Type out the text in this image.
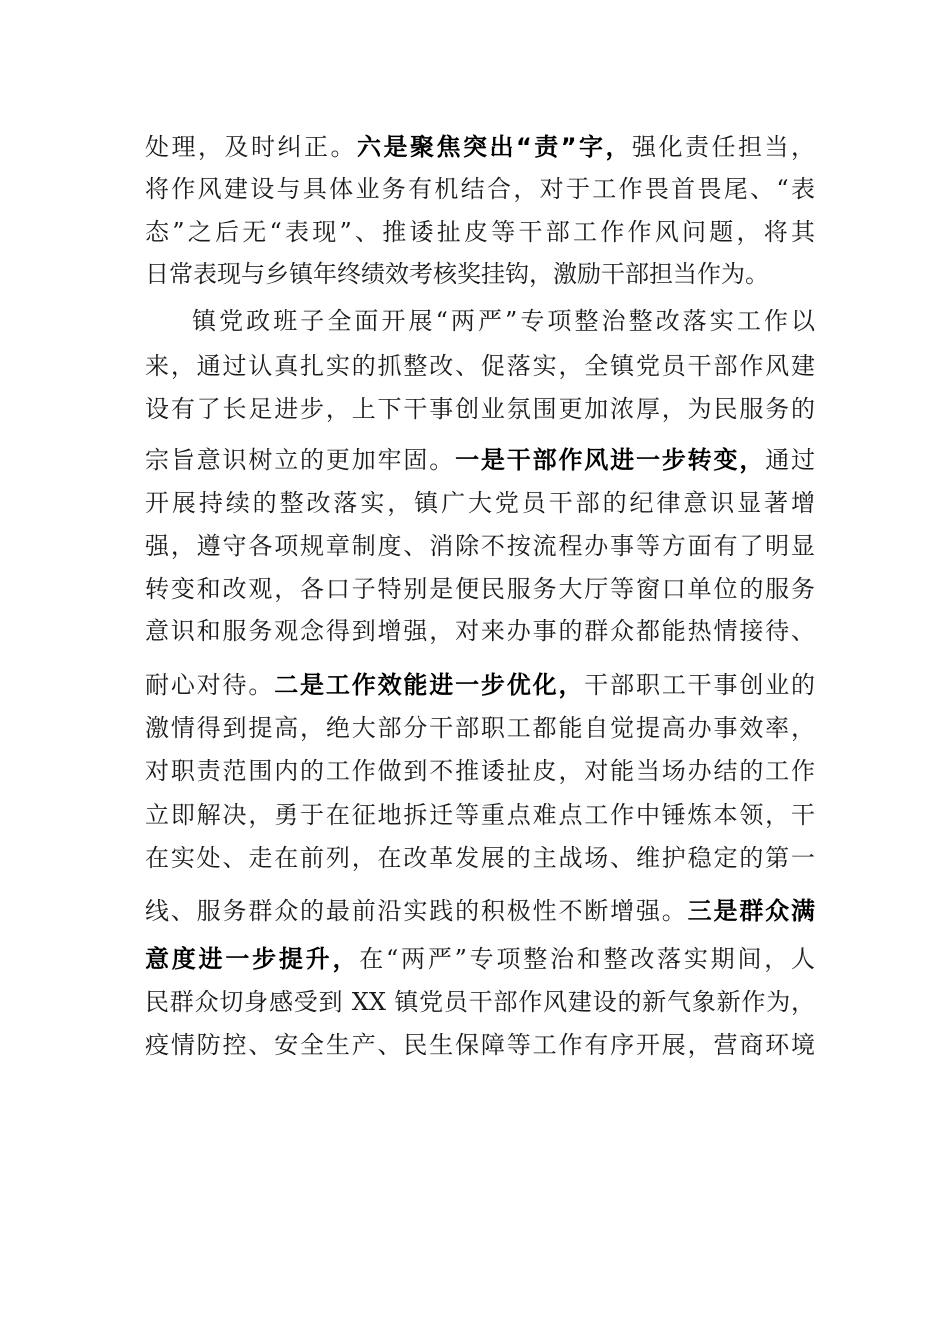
处理，及时纠正。六是聚焦突出“责”字，强化责任担当，
将作风建设与具体业务有机结合，对于工作畏首畏尾、“表
态”之后无“表现”、推诿扯皮等干部工作作风问题，将其
日常表现与乡镇年终绩效考核奖挂钩，激励干部担当作为。
镇党政班子全面开展“两严”专项整治整改落实工作以
来，通过认真扎实的抓整改、促落实，全镇党员干部作风建
设有了长足进步，上下干事创业氛围更加浓厚，为民服务的
宗旨意识树立的更加牢固。一是干部作风进一步转变，通过
开展持续的整改落实，镇广大党员干部的纪律意识显著增
强，遵守各项规章制度、消除不按流程办事等方面有了明显
转变和改观，各口子特别是便民服务大厅等窗口单位的服务
意识和服务观念得到增强，对来办事的群众都能热情接待、
耐心对待。二是工作效能进一步优化，干部职工干事创业的
激情得到提高，绝大部分干部职工都能自觉提高办事效率，
对职责范围内的工作做到不推诿扯皮，对能当场办结的工作
立即解决，勇于在征地拆迁等重点难点工作中锤炼本领，干
在实处、走在前列，在改革发展的主战场、维护稳定的第一
线、服务群众的最前沿实践的积极性不断增强。三是群众满
意度进一步提升，在“两严”专项整治和整改落实期间，人
民群众切身感受到 XX 镇党员干部作风建设的新气象新作为，
疫情防控、安全生产、民生保障等工作有序开展，营商环境
